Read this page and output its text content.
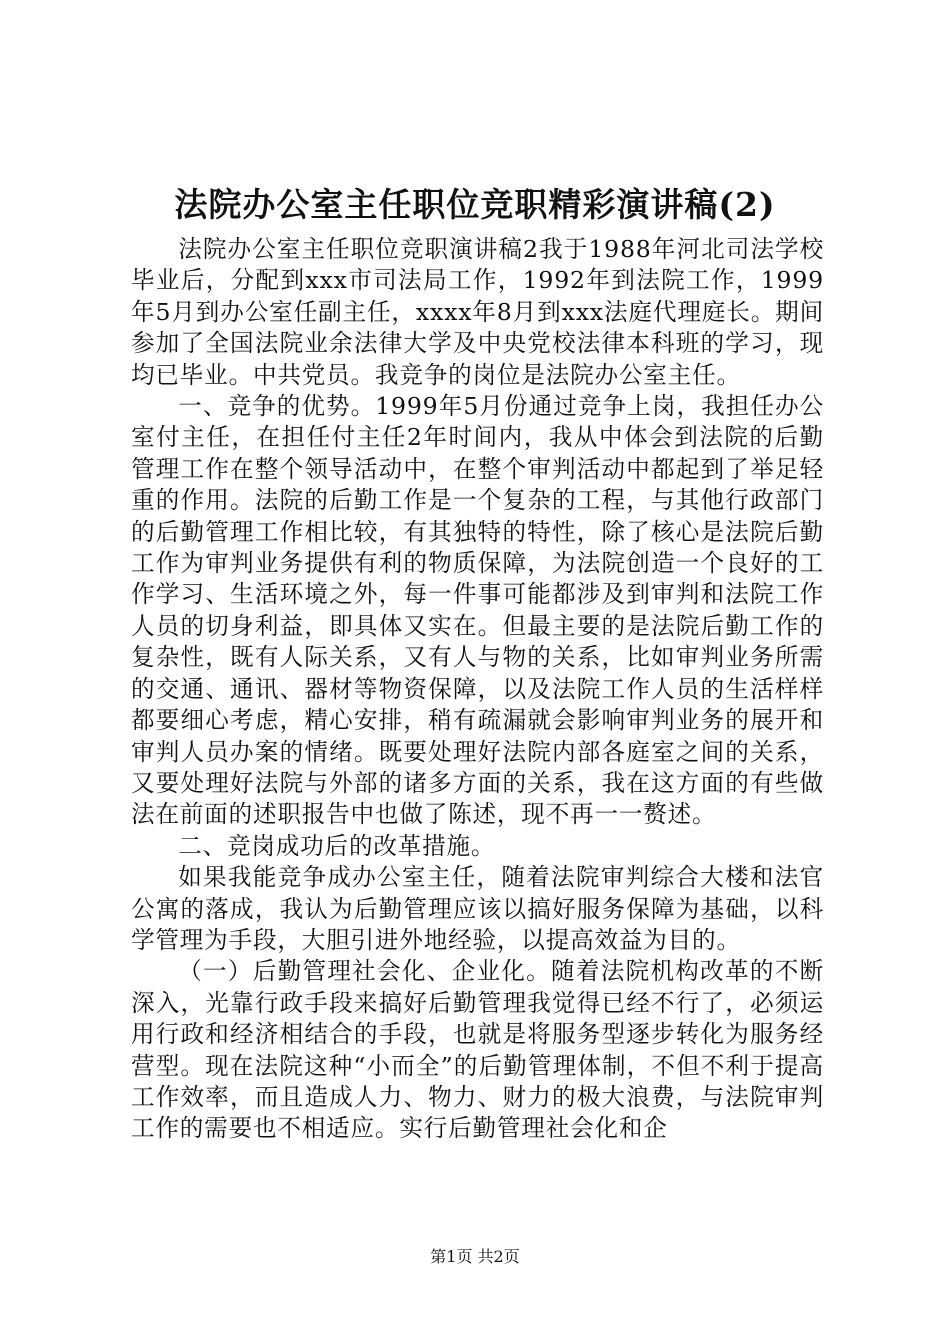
法院办公室主任职位竞职精彩演讲稿(2)

法院办公室主任职位竞职演讲稿2我于1988年河北司法学校毕业后，分配到xxx市司法局工作，1992年到法院工作，1999年5月到办公室任副主任，xxxx年8月到xxx法庭代理庭长。期间参加了全国法院业余法律大学及中央党校法律本科班的学习，现均已毕业。中共党员。我竞争的岗位是法院办公室主任。

一、竞争的优势。1999年5月份通过竞争上岗，我担任办公室付主任，在担任付主任2年时间内，我从中体会到法院的后勤管理工作在整个领导活动中，在整个审判活动中都起到了举足轻重的作用。法院的后勤工作是一个复杂的工程，与其他行政部门的后勤管理工作相比较，有其独特的特性，除了核心是法院后勤工作为审判业务提供有利的物质保障，为法院创造一个良好的工作学习、生活环境之外，每一件事可能都涉及到审判和法院工作人员的切身利益，即具体又实在。但最主要的是法院后勤工作的复杂性，既有人际关系，又有人与物的关系，比如审判业务所需的交通、通讯、器材等物资保障，以及法院工作人员的生活样样都要细心考虑，精心安排，稍有疏漏就会影响审判业务的展开和审判人员办案的情绪。既要处理好法院内部各庭室之间的关系，又要处理好法院与外部的诸多方面的关系，我在这方面的有些做法在前面的述职报告中也做了陈述，现不再一一赘述。

二、竞岗成功后的改革措施。

如果我能竞争成办公室主任，随着法院审判综合大楼和法官公寓的落成，我认为后勤管理应该以搞好服务保障为基础，以科学管理为手段，大胆引进外地经验，以提高效益为目的。

（一）后勤管理社会化、企业化。随着法院机构改革的不断深入，光靠行政手段来搞好后勤管理我觉得已经不行了，必须运用行政和经济相结合的手段，也就是将服务型逐步转化为服务经营型。现在法院这种“小而全”的后勤管理体制，不但不利于提高工作效率，而且造成人力、物力、财力的极大浪费，与法院审判工作的需要也不相适应。实行后勤管理社会化和企

第1页 共2页
